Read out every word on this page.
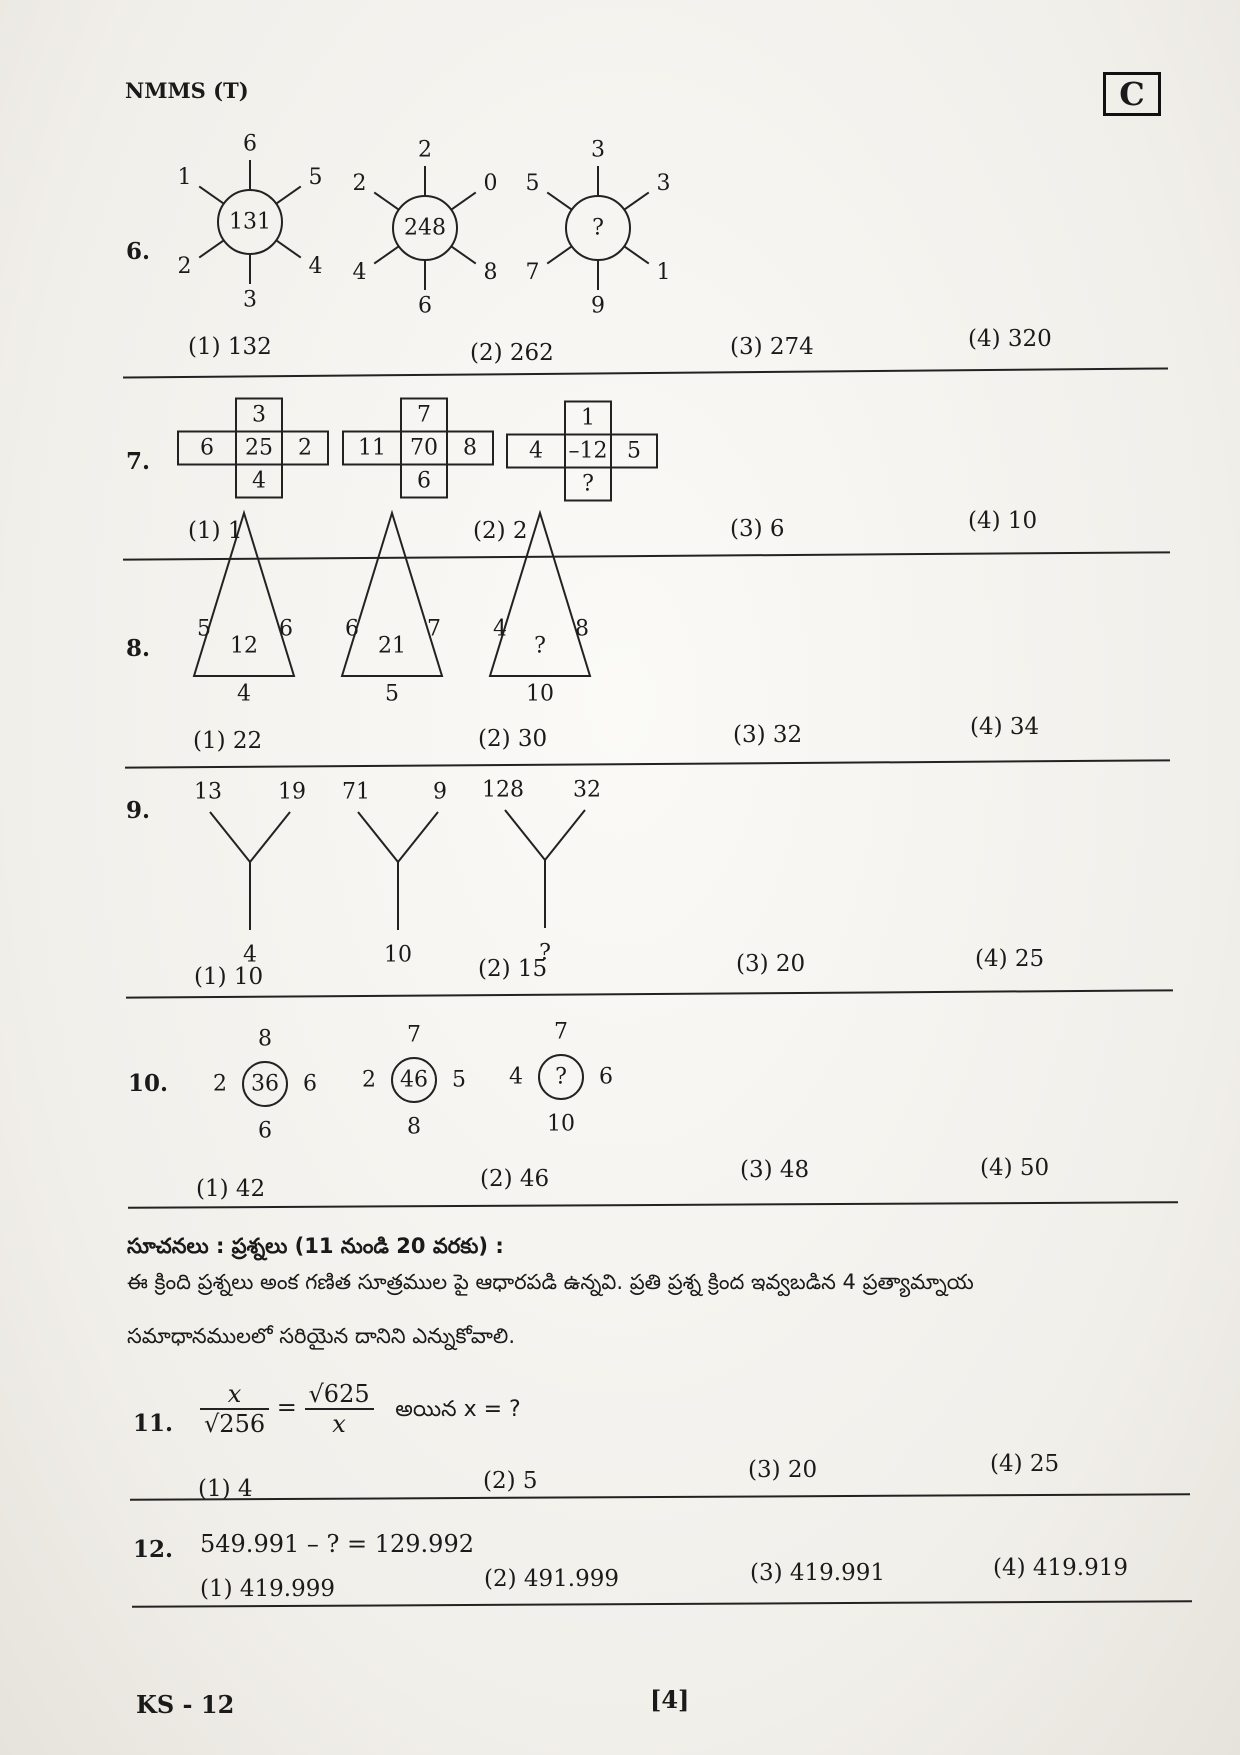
NMMS (T)	C
6.
131
6
5
4
3
2
1
248
2
0
8
6
4
2
?
3
3
1
9
7
5
3
6 25 2
4
7
11 70 8
6
1
4 –12 5
?
12
5	6
4
21
6	7
5
?
4	8
10
13	19
4
71	9
10
128 32
?
36
8
2	6
6
46
7
2	5
8
?
7
4	6
10
(1) 132	(2) 262	(3) 274	(4) 320
7.
(1) 1	(2) 2	(3) 6	(4) 10
8.
(1) 22	(2) 30	(3) 32	(4) 34
9.
(1) 10	(2) 15	(3) 20	(4) 25
10.
(1) 42	(2) 46	(3) 48	(4) 50
సూచనలు : ప్రశ్నలు (11 నుండి 20 వరకు) :
ఈ క్రింది ప్రశ్నలు అంక గణిత సూత్రముల పై ఆధారపడి ఉన్నవి. ప్రతి ప్రశ్న క్రింద ఇవ్వబడిన 4 ప్రత్యామ్నాయ
సమాధానములలో సరియైన దానిని ఎన్నుకోవాలి.
11. $\frac{x}{√256} = \frac{√625}{x}$ అయిన x = ?
(1) 4	(2) 5	(3) 20	(4) 25
12. 549.991 – ? = 129.992
(1) 419.999	(2) 491.999	(3) 419.991	(4) 419.919
KS - 12	[4]
